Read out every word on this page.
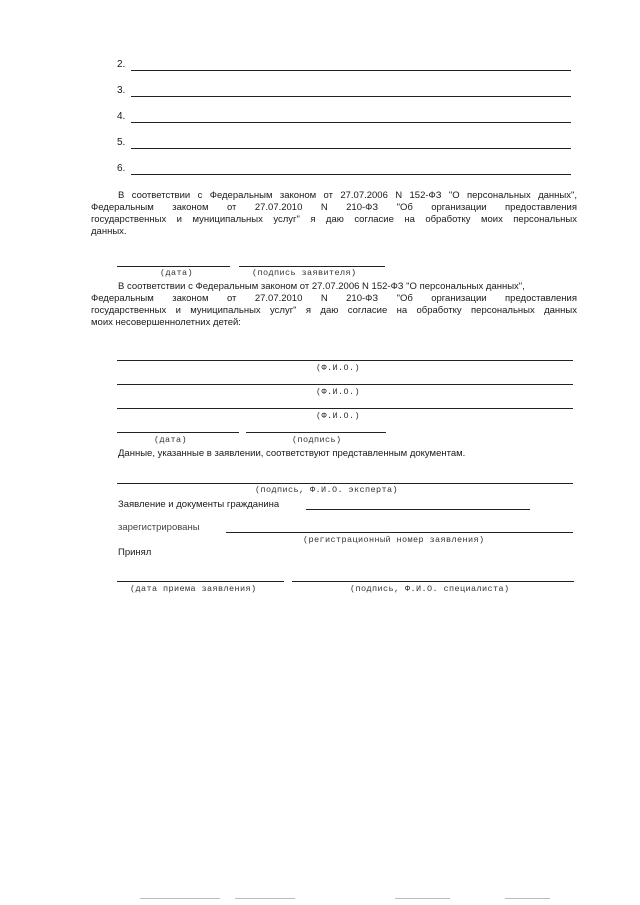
2.
3.
4.
5.
6.
В соответствии с Федеральным законом от 27.07.2006 N 152-ФЗ "О персональных данных",
Федеральным законом от 27.07.2010 N 210-ФЗ "Об организации предоставления
государственных и муниципальных услуг" я даю согласие на обработку моих персональных
данных.
(дата)	(подпись заявителя)
В соответствии с Федеральным законом от 27.07.2006 N 152-ФЗ "О персональных данных",
Федеральным законом от 27.07.2010 N 210-ФЗ "Об организации предоставления
государственных и муниципальных услуг" я даю согласие на обработку персональных данных
моих несовершеннолетних детей:
(Ф.И.О.)
(Ф.И.О.)
(Ф.И.О.)
(дата)	(подпись)
Данные, указанные в заявлении, соответствуют представленным документам.
(подпись, Ф.И.О. эксперта)
Заявление и документы гражданина
зарегистрированы
(регистрационный номер заявления)
Принял
(дата приема заявления)	(подпись, Ф.И.О. специалиста)
